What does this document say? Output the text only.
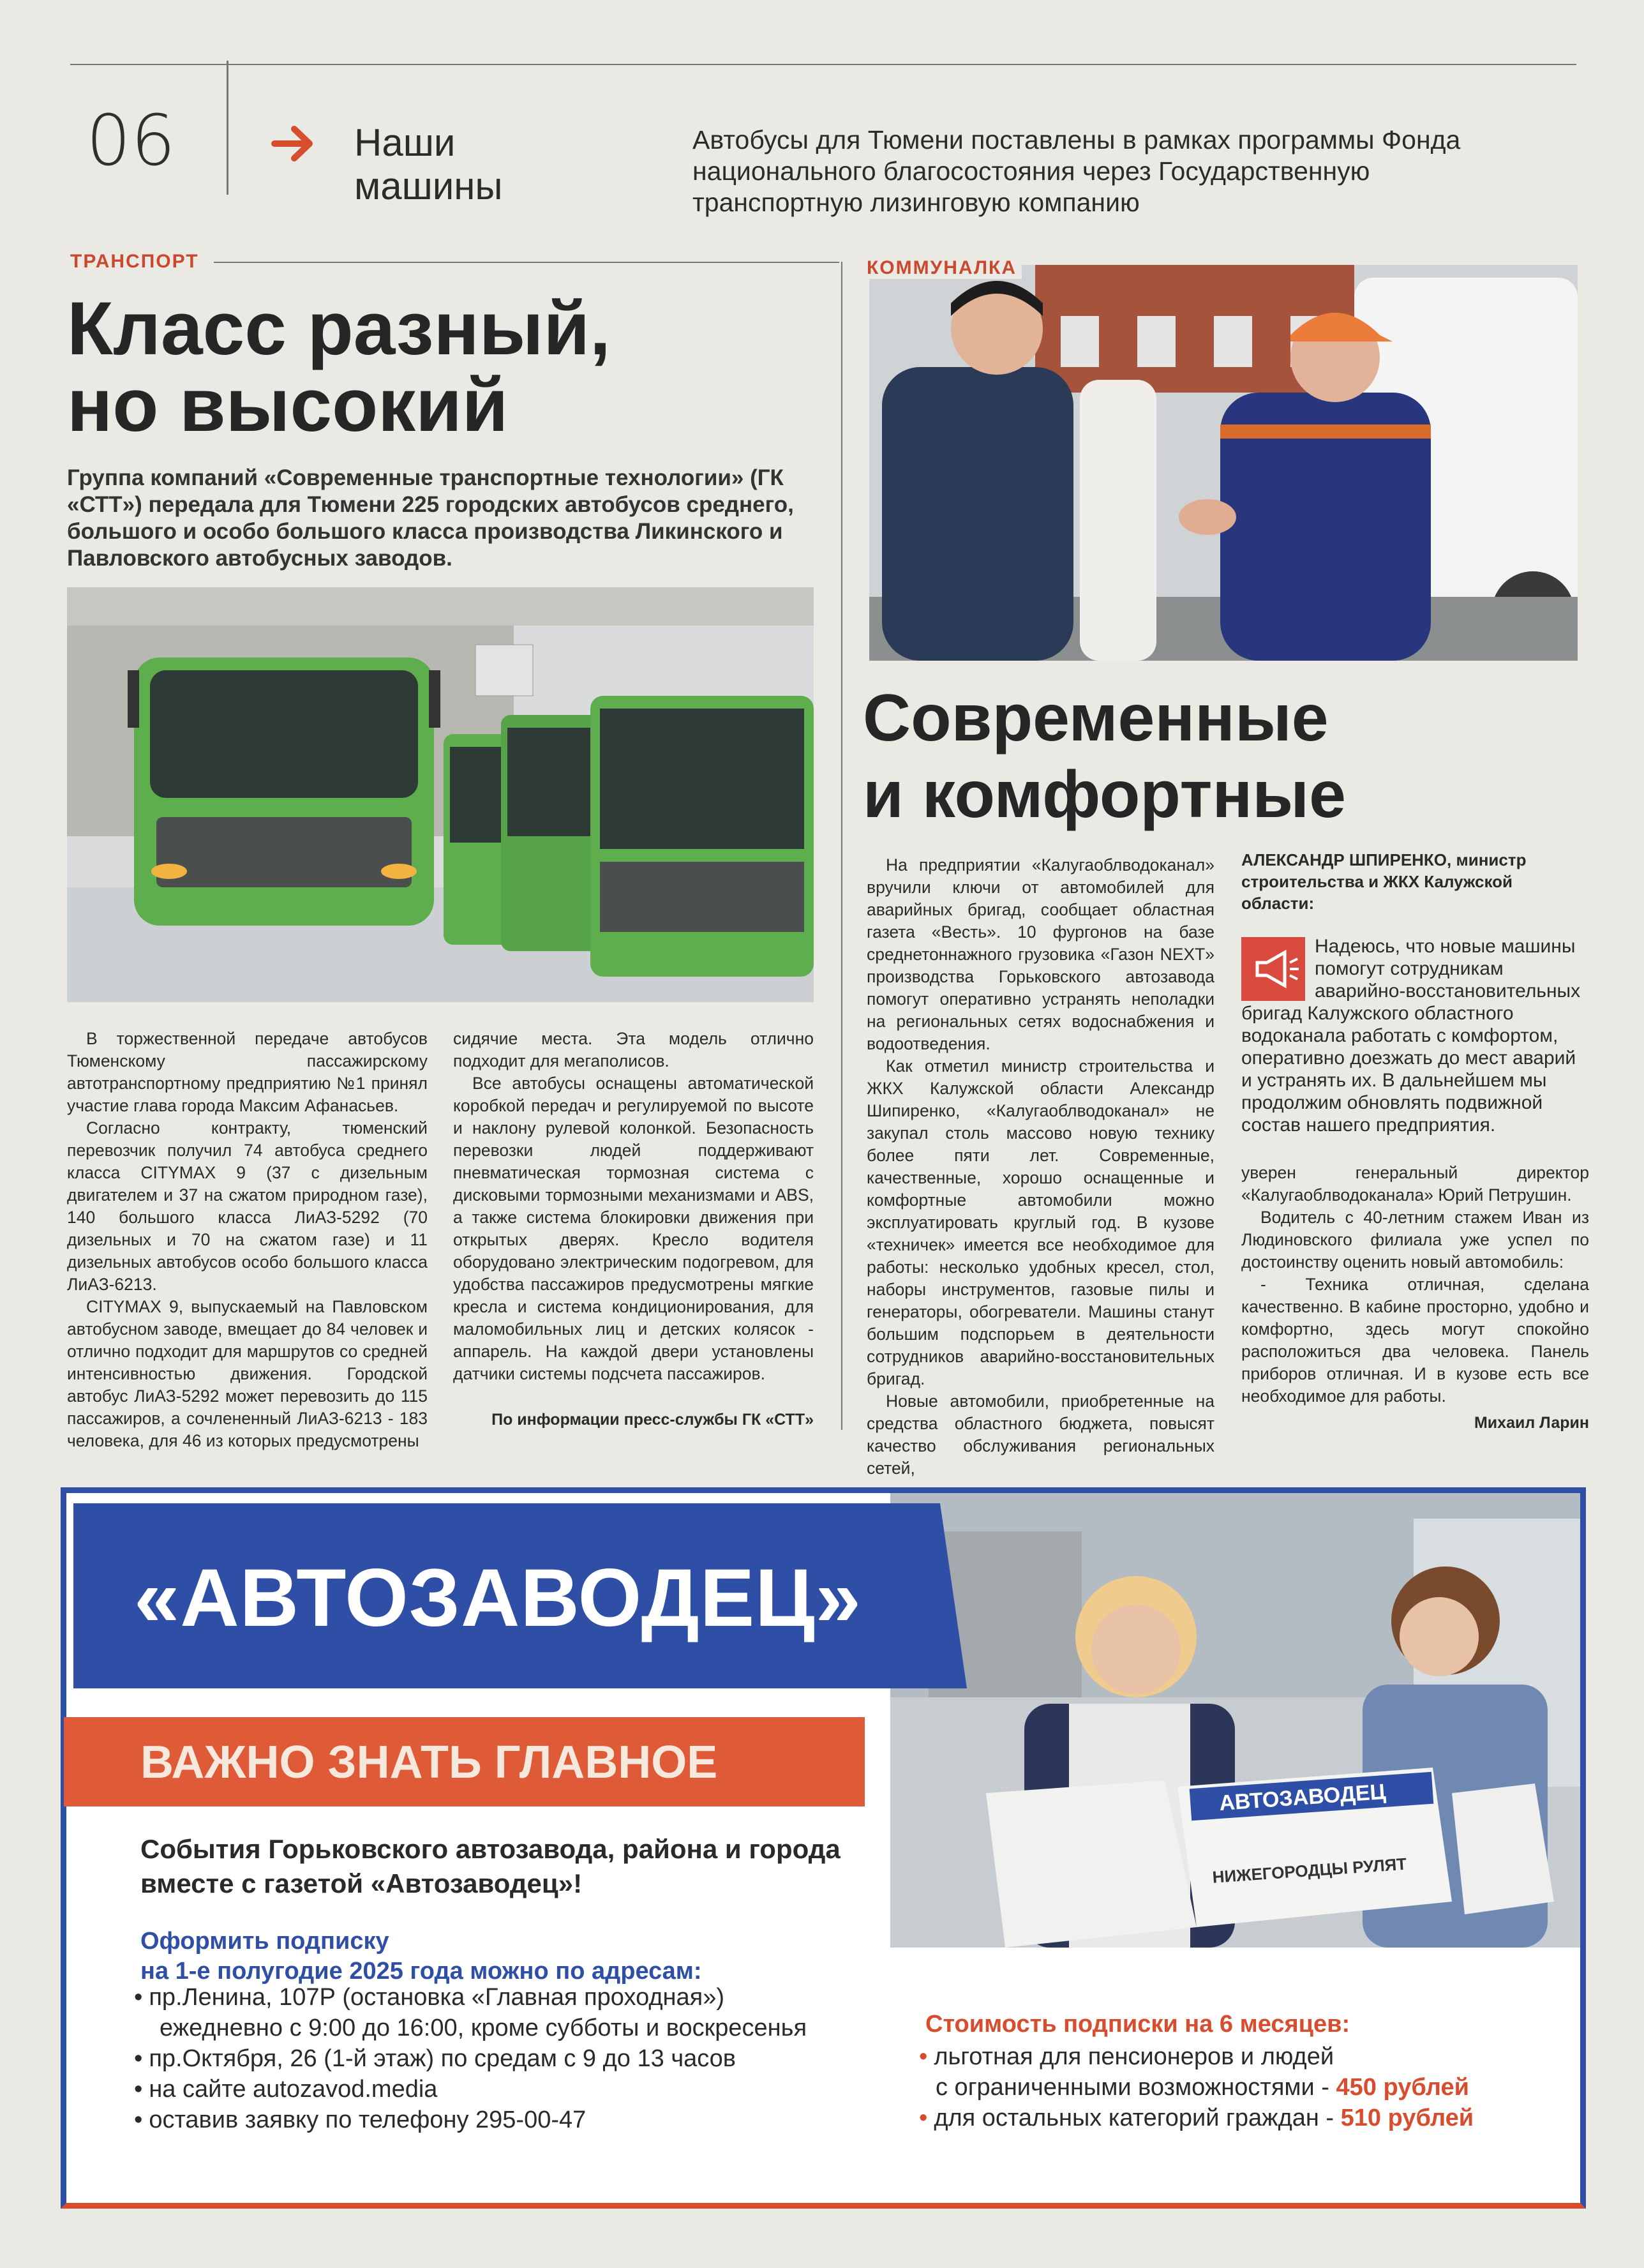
06	Наши
машины
Автобусы для Тюмени поставлены в рамках программы Фонда национального благосостояния через Государственную транспортную лизинговую компанию
ТРАНСПОРТ
Класс разный,
но высокий
Группа компаний «Современные транспортные технологии» (ГК «СТТ») передала для Тюмени 225 городских автобусов среднего, большого и особо большого класса производства Ликинского и Павловского автобусных заводов.

В торжественной передаче автобусов Тюменскому пассажирскому автотранспортному предприятию №1 принял участие глава города Максим Афанасьев.

Согласно контракту, тюменский перевозчик получил 74 автобуса среднего класса CITYMAX 9 (37 с дизельным двигателем и 37 на сжатом природном газе), 140 большого класса ЛиАЗ-5292 (70 дизельных и 70 на сжатом газе) и 11 дизельных автобусов особо большого класса ЛиАЗ-6213.

CITYMAX 9, выпускаемый на Павловском автобусном заводе, вмещает до 84 человек и отлично подходит для маршрутов со средней интенсивностью движения. Городской автобус ЛиАЗ-5292 может перевозить до 115 пассажиров, а сочлененный ЛиАЗ-6213 - 183 человека, для 46 из которых предусмотрены

сидячие места. Эта модель отлично подходит для мегаполисов.

Все автобусы оснащены автоматической коробкой передач и регулируемой по высоте и наклону рулевой колонкой. Безопасность перевозки людей поддерживают пневматическая тормозная система с дисковыми тормозными механизмами и ABS, а также система блокировки движения при открытых дверях. Кресло водителя оборудовано электрическим подогревом, для удобства пассажиров предусмотрены мягкие кресла и система кондиционирования, для маломобильных лиц и детских колясок - аппарель. На каждой двери установлены датчики системы подсчета пассажиров.

По информации пресс-службы ГК «СТТ»
КОММУНАЛКА
Современные
и комфортные

На предприятии «Калугаоблводоканал» вручили ключи от автомобилей для аварийных бригад, сообщает областная газета «Весть». 10 фургонов на базе среднетоннажного грузовика «Газон NEXT» производства Горьковского автозавода помогут оперативно устранять неполадки на региональных сетях водоснабжения и водоотведения.

Как отметил министр строительства и ЖКХ Калужской области Александр Шипиренко, «Калугаоблводоканал» не закупал столь массово новую технику более пяти лет. Современные, качественные, хорошо оснащенные и комфортные автомобили можно эксплуатировать круглый год. В кузове «техничек» имеется все необходимое для работы: несколько удобных кресел, стол, наборы инструментов, газовые пилы и генераторы, обогреватели. Машины станут большим подспорьем в деятельности сотрудников аварийно-восстановительных бригад.

Новые автомобили, приобретенные на средства областного бюджета, повысят качество обслуживания региональных сетей,

АЛЕКСАНДР ШПИРЕНКО, министр строительства и ЖКХ Калужской области:
Надеюсь, что новые машины помогут сотрудникам аварийно-восстановительных бригад Калужского областного водоканала работать с комфортом, оперативно доезжать до мест аварий и устранять их. В дальнейшем мы продолжим обновлять подвижной состав нашего предприятия.

уверен генеральный директор «Калугаоблводоканала» Юрий Петрушин.

Водитель с 40-летним стажем Иван из Людиновского филиала уже успел по достоинству оценить новый автомобиль:

- Техника отличная, сделана качественно. В кабине просторно, удобно и комфортно, здесь могут спокойно расположиться два человека. Панель приборов отличная. И в кузове есть все необходимое для работы.

Михаил Ларин
АВТОЗАВОДЕЦ
НИЖЕГОРОДЦЫ РУЛЯТ
«АВТОЗАВОДЕЦ»
ВАЖНО ЗНАТЬ ГЛАВНОЕ
События Горьковского автозавода, района и города вместе с газетой «Автозаводец»!
Оформить подписку
на 1-е полугодие 2025 года можно по адресам:
• пр.Ленина, 107Р (остановка «Главная проходная»)
ежедневно с 9:00 до 16:00, кроме субботы и воскресенья
• пр.Октября, 26 (1-й этаж) по средам с 9 до 13 часов
• на сайте autozavod.media
• оставив заявку по телефону 295-00-47
Стоимость подписки на 6 месяцев:
• льготная для пенсионеров и людей
с ограниченными возможностями - 450 рублей
• для остальных категорий граждан - 510 рублей
